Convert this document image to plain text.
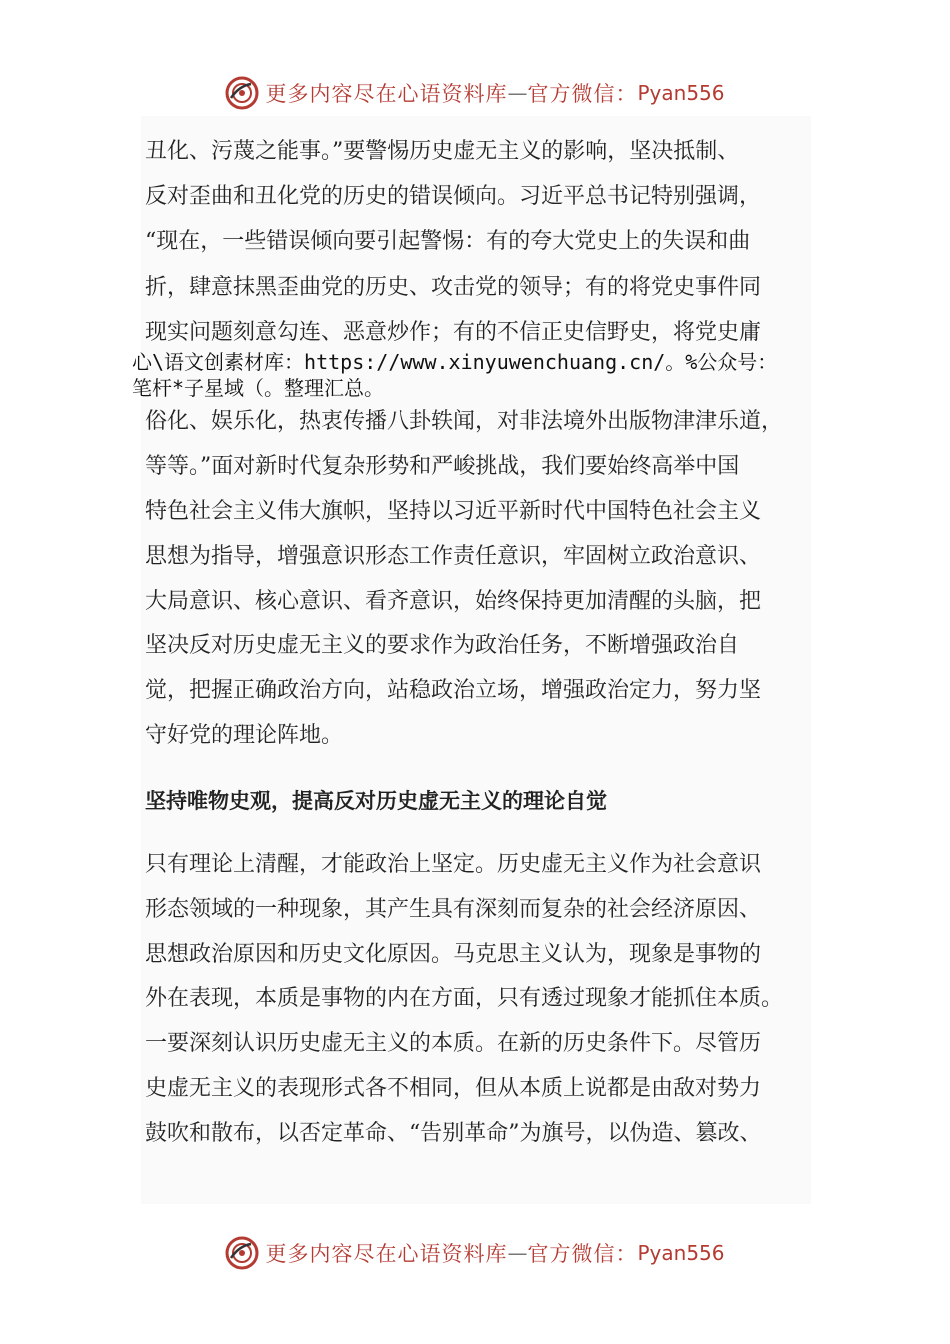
更多内容尽在心语资料库 — 官方微信： Pyan556
丑化、污蔑之能事。”要警惕历史虚无主义的影响，坚决抵制、
反对歪曲和丑化党的历史的错误倾向。习近平总书记特别强调，
“现在，一些错误倾向要引起警惕：有的夸大党史上的失误和曲
折，肆意抹黑歪曲党的历史、攻击党的领导；有的将党史事件同
现实问题刻意勾连、恶意炒作；有的不信正史信野史，将党史庸
心\语文创素材库：https://www.xinyuwenchuang.cn/。%公众号：
笔杆*子星域（。整理汇总。
俗化、娱乐化，热衷传播八卦轶闻，对非法境外出版物津津乐道，
等等。”面对新时代复杂形势和严峻挑战，我们要始终高举中国
特色社会主义伟大旗帜，坚持以习近平新时代中国特色社会主义
思想为指导，增强意识形态工作责任意识，牢固树立政治意识、
大局意识、核心意识、看齐意识，始终保持更加清醒的头脑，把
坚决反对历史虚无主义的要求作为政治任务，不断增强政治自
觉，把握正确政治方向，站稳政治立场，增强政治定力，努力坚
守好党的理论阵地。
坚持唯物史观，提高反对历史虚无主义的理论自觉
只有理论上清醒，才能政治上坚定。历史虚无主义作为社会意识
形态领域的一种现象，其产生具有深刻而复杂的社会经济原因、
思想政治原因和历史文化原因。马克思主义认为，现象是事物的
外在表现，本质是事物的内在方面，只有透过现象才能抓住本质。
一要深刻认识历史虚无主义的本质。在新的历史条件下。尽管历
史虚无主义的表现形式各不相同，但从本质上说都是由敌对势力
鼓吹和散布，以否定革命、“告别革命”为旗号，以伪造、篡改、
更多内容尽在心语资料库 — 官方微信： Pyan556
